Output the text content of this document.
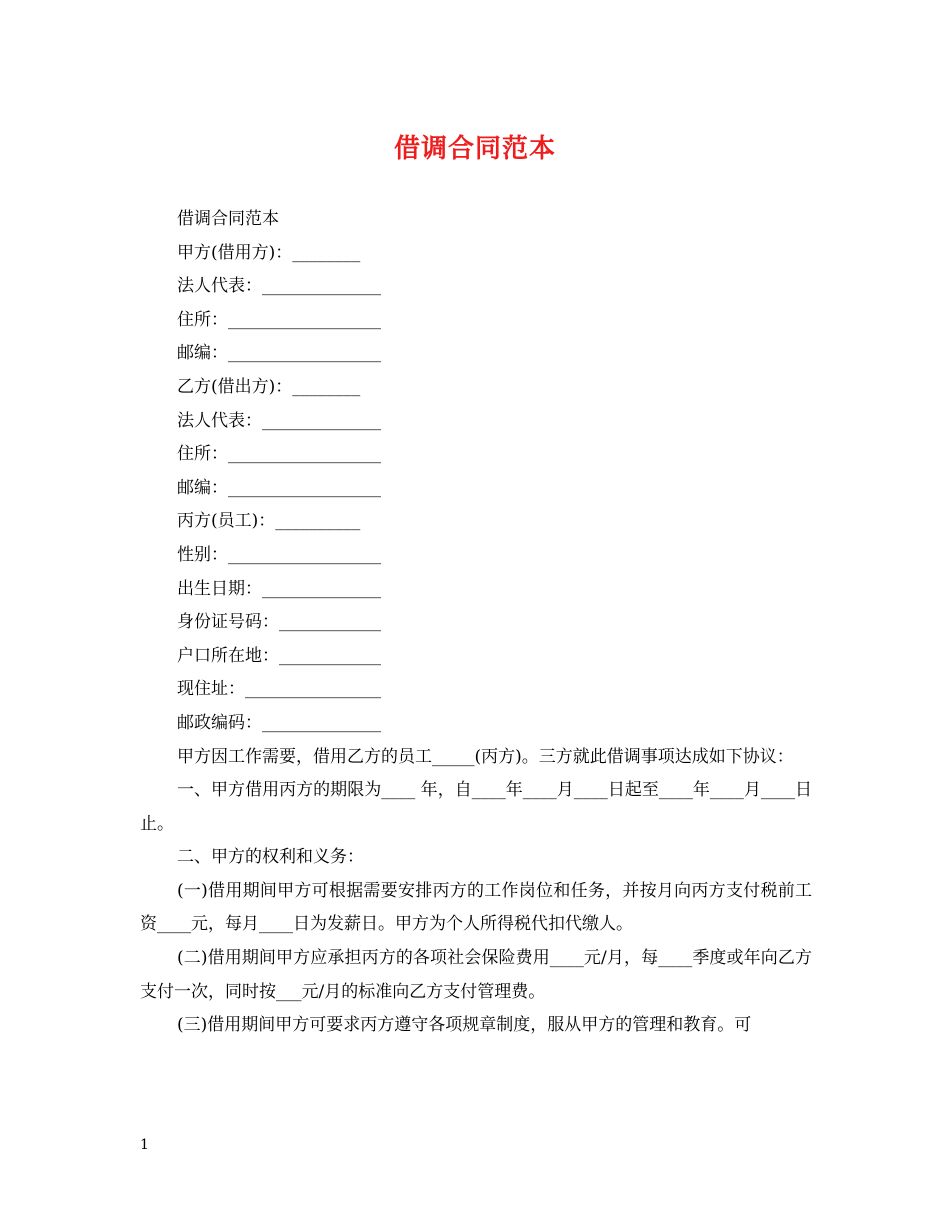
借调合同范本
借调合同范本
甲方(借用方)：________
法人代表：______________
住所：__________________
邮编：__________________
乙方(借出方)：________
法人代表：______________
住所：__________________
邮编：__________________
丙方(员工)：__________
性别：__________________
出生日期：______________
身份证号码：____________
户口所在地：____________
现住址：________________
邮政编码：______________
甲方因工作需要，借用乙方的员工_____(丙方)。三方就此借调事项达成如下协议：
一、甲方借用丙方的期限为____ 年，自____年____月____日起至____年____月____日止。
二、甲方的权利和义务：
(一)借用期间甲方可根据需要安排丙方的工作岗位和任务，并按月向丙方支付税前工资____元，每月____日为发薪日。甲方为个人所得税代扣代缴人。
(二)借用期间甲方应承担丙方的各项社会保险费用____元/月，每____季度或年向乙方支付一次，同时按___元/月的标准向乙方支付管理费。
(三)借用期间甲方可要求丙方遵守各项规章制度，服从甲方的管理和教育。可
1
